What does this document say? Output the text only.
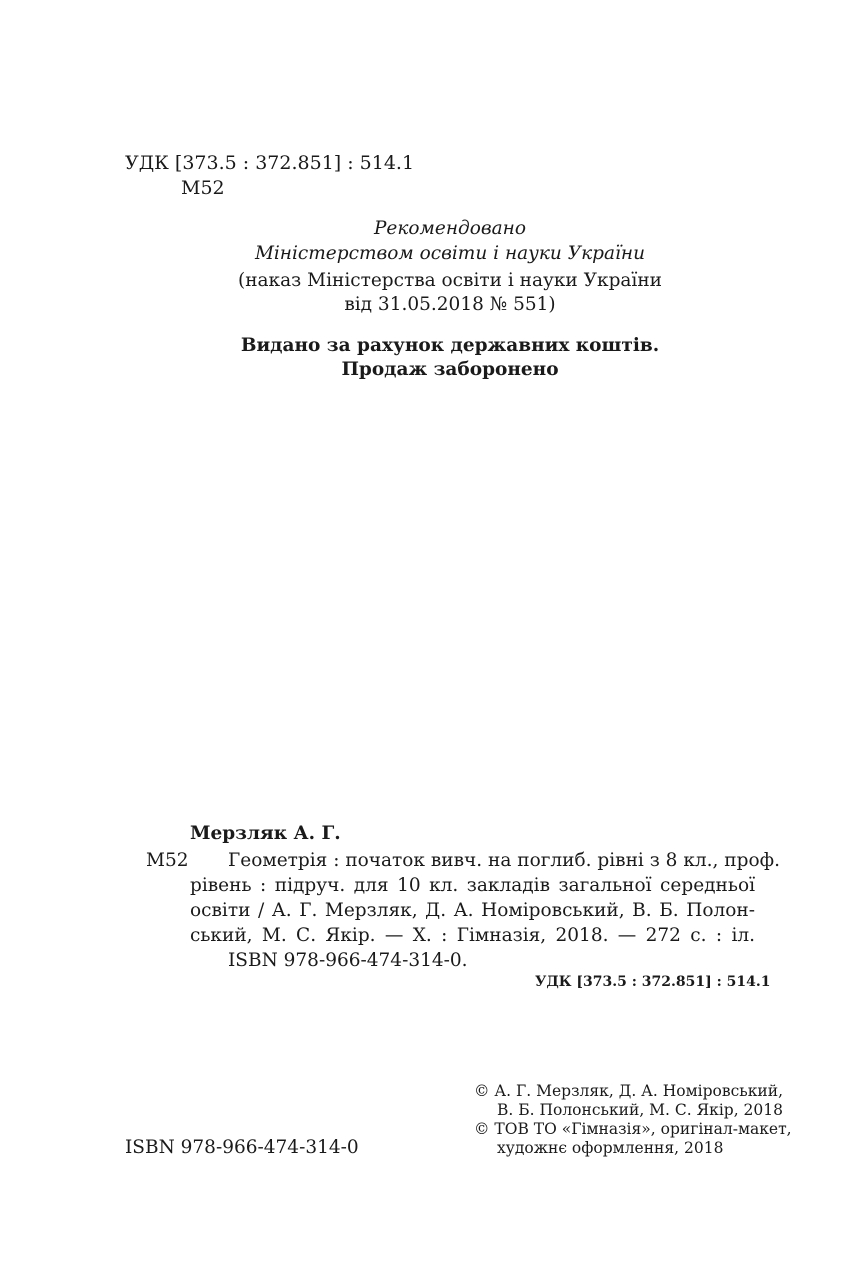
УДК [373.5 : 372.851] : 514.1
М52
Рекомендовано
Міністерством освіти і науки України
(наказ Міністерства освіти і науки України
від 31.05.2018 № 551)
Видано за рахунок державних коштів.
Продаж заборонено
Мерзляк А. Г.
М52 Геометрія : початок вивч. на поглиб. рівні з 8 кл., проф.
рівень : підруч. для 10 кл. закладів загальної середньої
освіти / А. Г. Мерзляк, Д. А. Номіровський, В. Б. Полон-
ський, М. С. Якір. — Х. : Гімназія, 2018. — 272 с. : іл.
ISBN 978-966-474-314-0.
УДК [373.5 : 372.851] : 514.1
ISBN 978-966-474-314-0
© А. Г. Мерзляк, Д. А. Номіровський,
В. Б. Полонський, М. С. Якір, 2018
© ТОВ ТО «Гімназія», оригінал-макет,
художнє оформлення, 2018
